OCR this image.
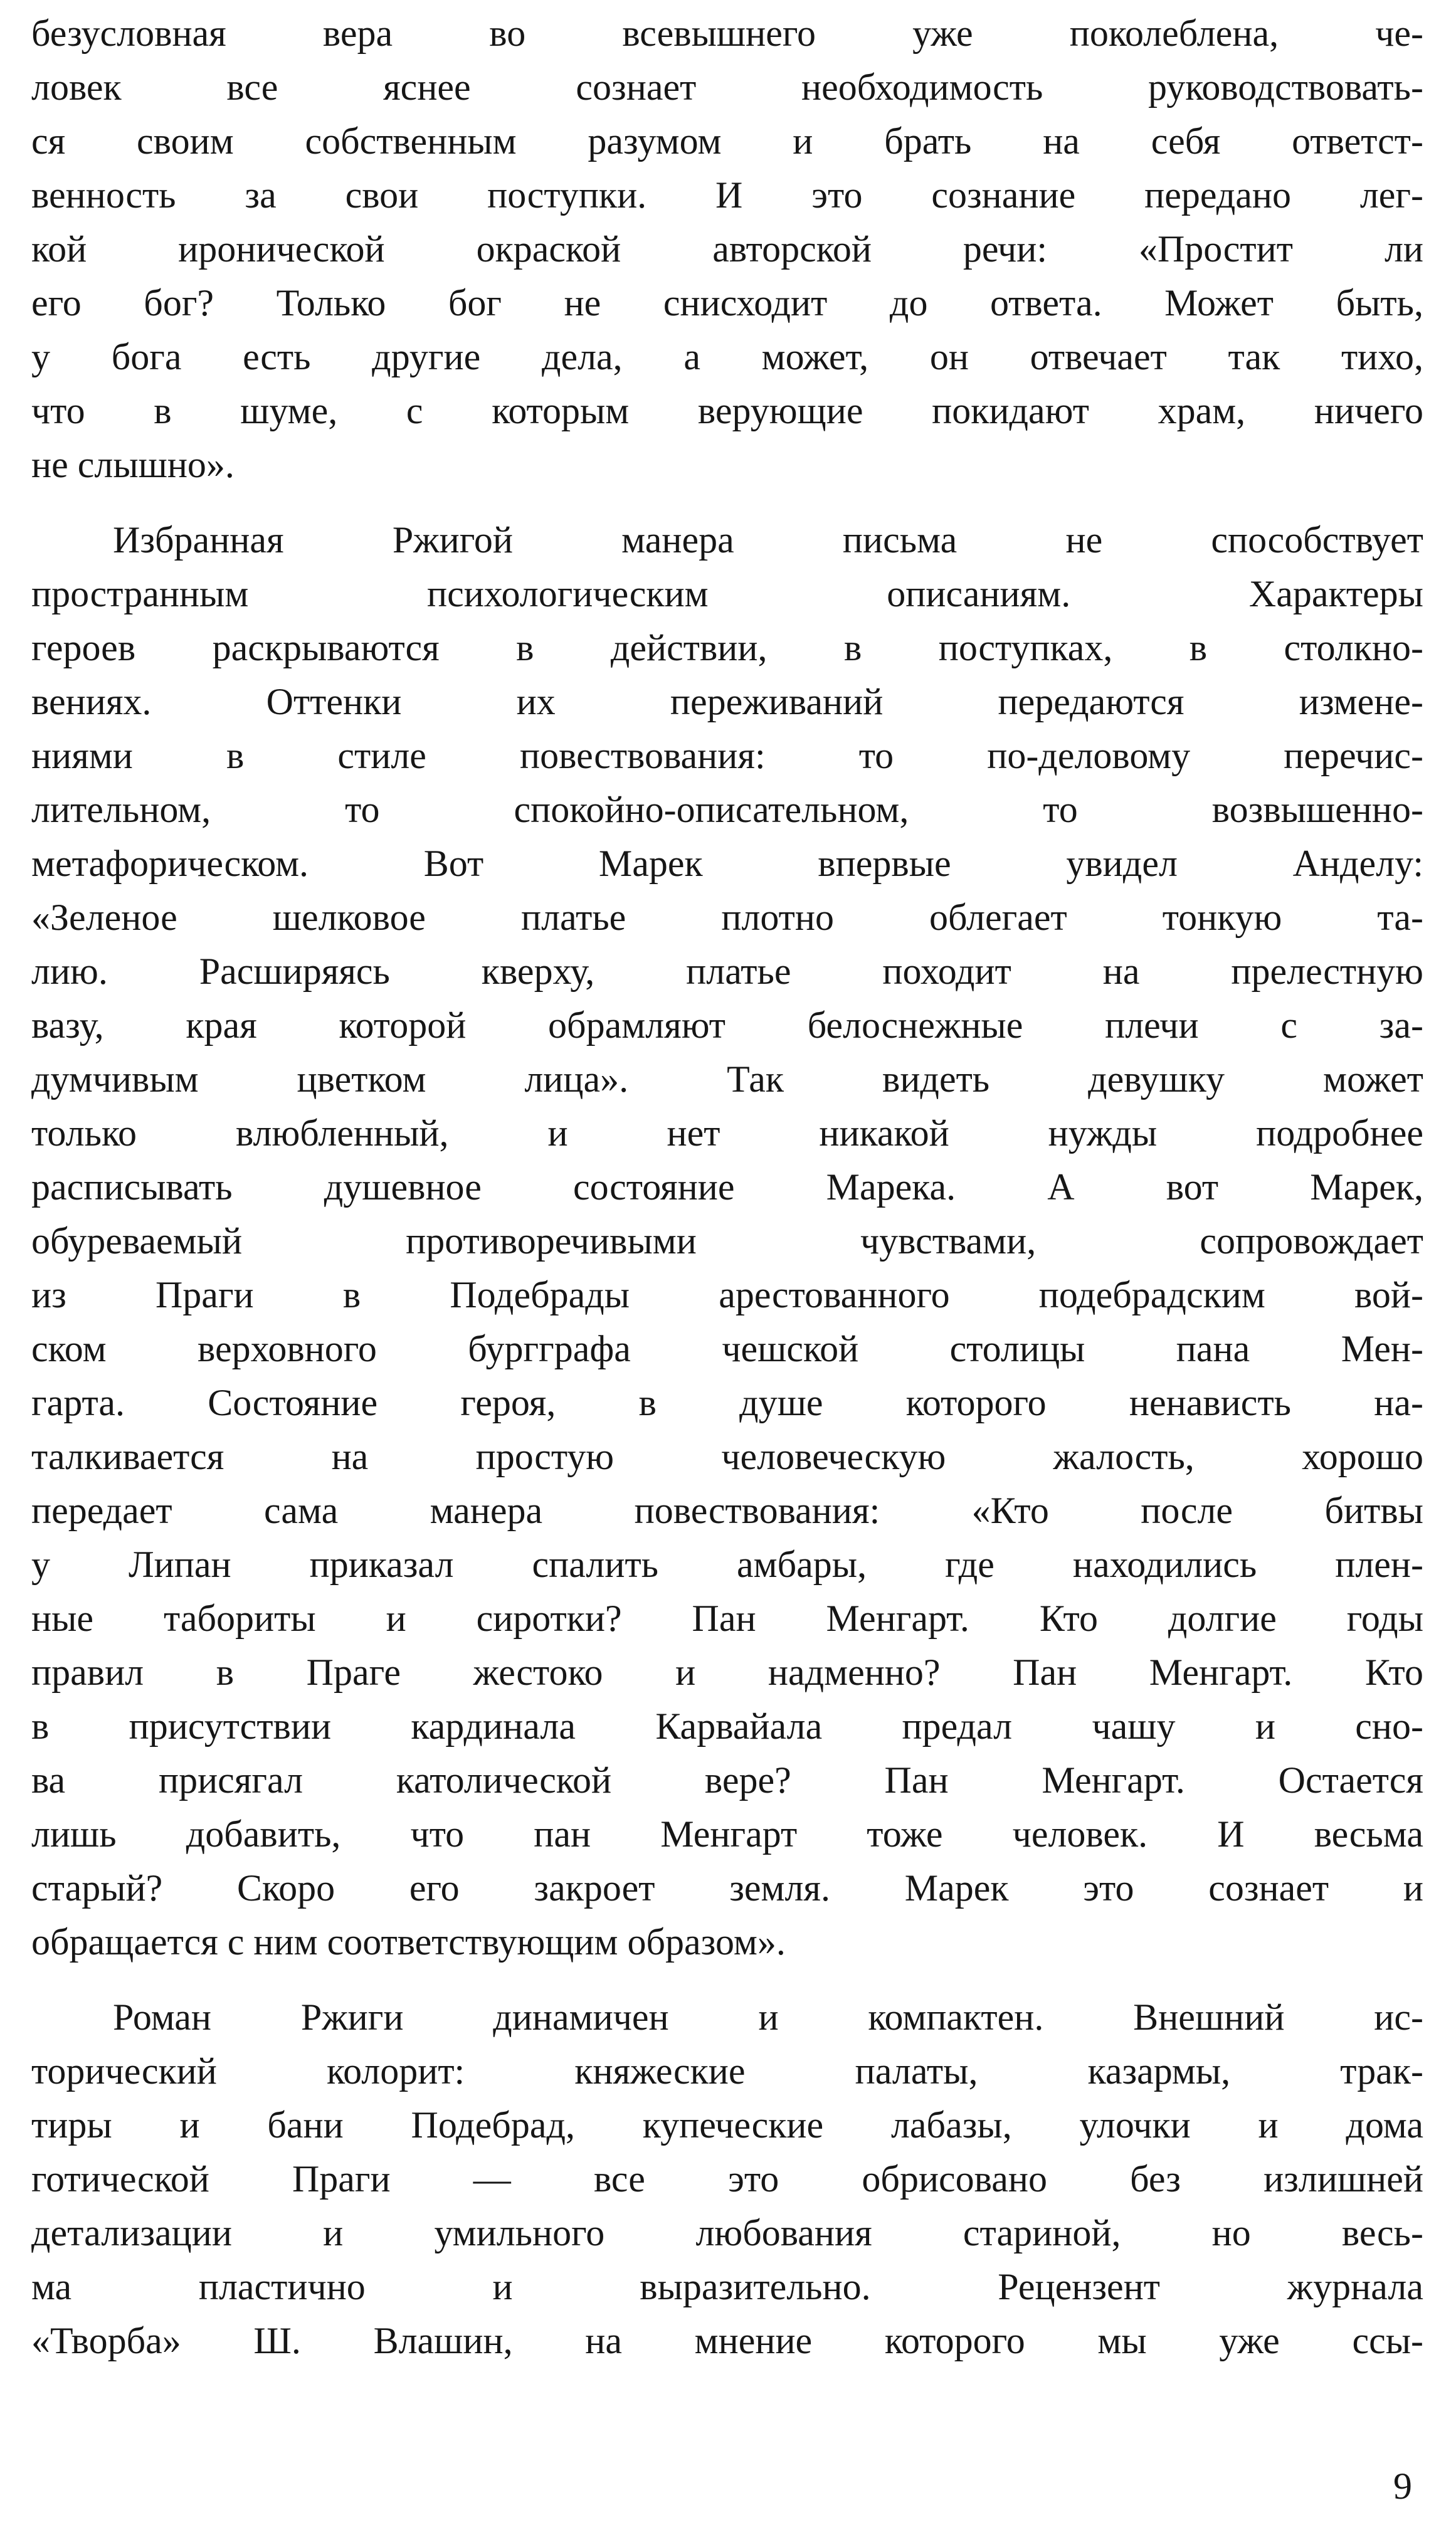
безусловная вера во всевышнего уже поколеблена, че-
ловек все яснее сознает необходимость руководствовать-
ся своим собственным разумом и брать на себя ответст-
венность за свои поступки. И это сознание передано лег-
кой иронической окраской авторской речи: «Простит ли
его бог? Только бог не снисходит до ответа. Может быть,
у бога есть другие дела, а может, он отвечает так тихо,
что в шуме, с которым верующие покидают храм, ничего
не слышно».
Избранная Ржигой манера письма не способствует
пространным психологическим описаниям. Характеры
героев раскрываются в действии, в поступках, в столкно-
вениях. Оттенки их переживаний передаются измене-
ниями в стиле повествования: то по-деловому перечис-
лительном, то спокойно-описательном, то возвышенно-
метафорическом. Вот Марек впервые увидел Анделу:
«Зеленое шелковое платье плотно облегает тонкую та-
лию. Расширяясь кверху, платье походит на прелестную
вазу, края которой обрамляют белоснежные плечи с за-
думчивым цветком лица». Так видеть девушку может
только влюбленный, и нет никакой нужды подробнее
расписывать душевное состояние Марека. А вот Марек,
обуреваемый противоречивыми чувствами, сопровождает
из Праги в Подебрады арестованного подебрадским вой-
ском верховного бургграфа чешской столицы пана Мен-
гарта. Состояние героя, в душе которого ненависть на-
талкивается на простую человеческую жалость, хорошо
передает сама манера повествования: «Кто после битвы
у Липан приказал спалить амбары, где находились плен-
ные табориты и сиротки? Пан Менгарт. Кто долгие годы
правил в Праге жестоко и надменно? Пан Менгарт. Кто
в присутствии кардинала Карвайала предал чашу и сно-
ва присягал католической вере? Пан Менгарт. Остается
лишь добавить, что пан Менгарт тоже человек. И весьма
старый? Скоро его закроет земля. Марек это сознает и
обращается с ним соответствующим образом».
Роман Ржиги динамичен и компактен. Внешний ис-
торический колорит: княжеские палаты, казармы, трак-
тиры и бани Подебрад, купеческие лабазы, улочки и дома
готической Праги — все это обрисовано без излишней
детализации и умильного любования стариной, но весь-
ма пластично и выразительно. Рецензент журнала
«Творба» Ш. Влашин, на мнение которого мы уже ссы-
9
